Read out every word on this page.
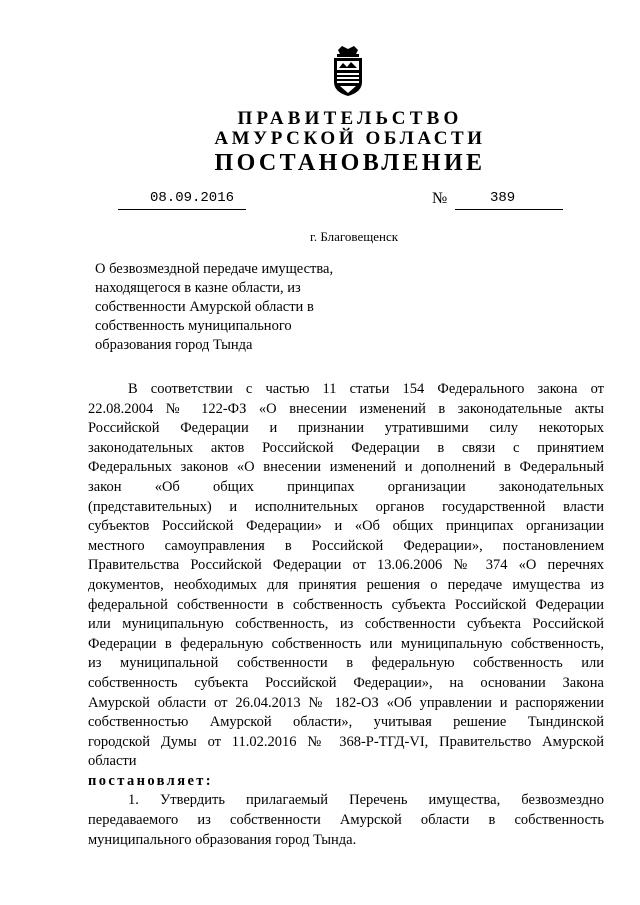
ПРАВИТЕЛЬСТВО
АМУРСКОЙ ОБЛАСТИ
ПОСТАНОВЛЕНИЕ
08.09.2016	№	389
г. Благовещенск
О безвозмездной передаче имущества,
находящегося в казне области, из
собственности Амурской области в
собственность муниципального
образования город Тында
В соответствии с частью 11 статьи 154 Федерального закона от
22.08.2004 № 122-ФЗ «О внесении изменений в законодательные акты
Российской Федерации и признании утратившими силу некоторых
законодательных актов Российской Федерации в связи с принятием
Федеральных законов «О внесении изменений и дополнений в Федеральный
закон «Об общих принципах организации законодательных
(представительных) и исполнительных органов государственной власти
субъектов Российской Федерации» и «Об общих принципах организации
местного самоуправления в Российской Федерации», постановлением
Правительства Российской Федерации от 13.06.2006 № 374 «О перечнях
документов, необходимых для принятия решения о передаче имущества из
федеральной собственности в собственность субъекта Российской Федерации
или муниципальную собственность, из собственности субъекта Российской
Федерации в федеральную собственность или муниципальную собственность,
из муниципальной собственности в федеральную собственность или
собственность субъекта Российской Федерации», на основании Закона
Амурской области от 26.04.2013 № 182-ОЗ «Об управлении и распоряжении
собственностью Амурской области», учитывая решение Тындинской
городской Думы от 11.02.2016 № 368-Р-ТГД-VI, Правительство Амурской
области
постановляет:
1. Утвердить прилагаемый Перечень имущества, безвозмездно
передаваемого из собственности Амурской области в собственность
муниципального образования город Тында.
